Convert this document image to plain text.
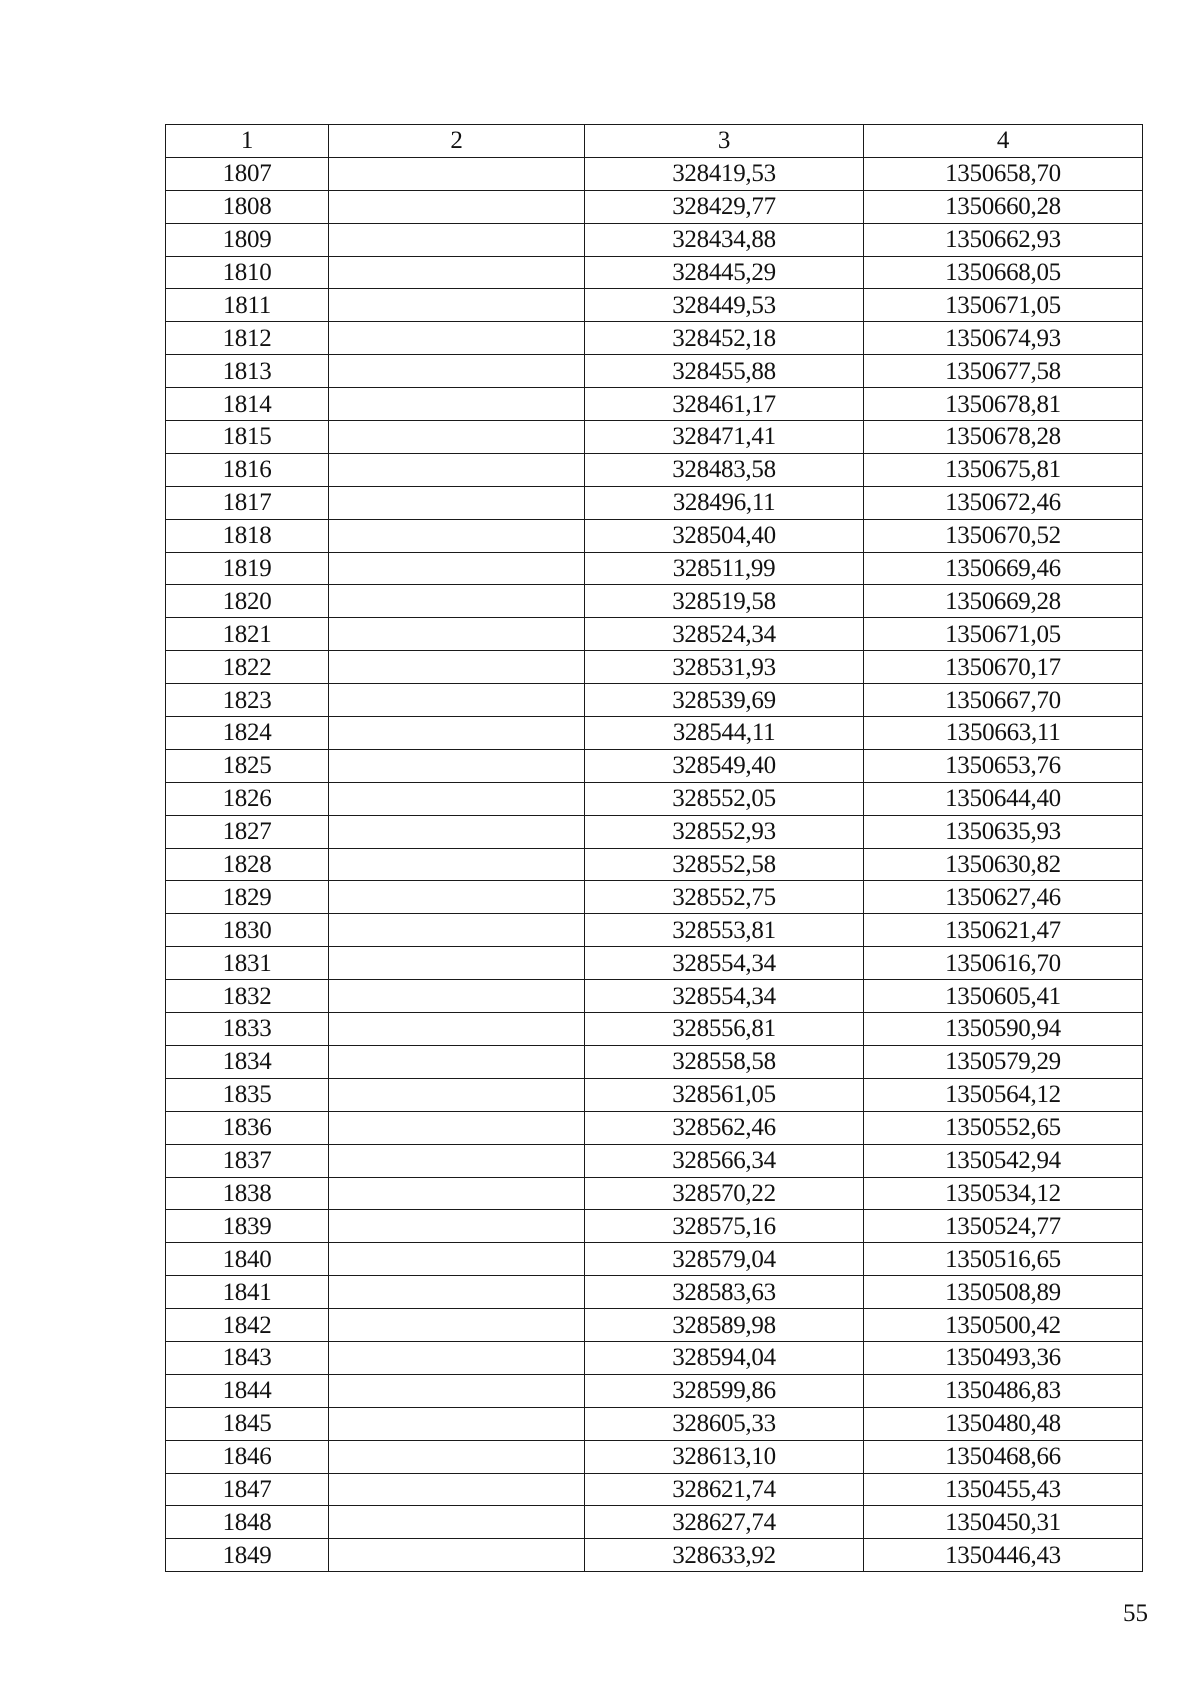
1	2	3	4
1807		328419,53	1350658,70
1808		328429,77	1350660,28
1809		328434,88	1350662,93
1810		328445,29	1350668,05
1811		328449,53	1350671,05
1812		328452,18	1350674,93
1813		328455,88	1350677,58
1814		328461,17	1350678,81
1815		328471,41	1350678,28
1816		328483,58	1350675,81
1817		328496,11	1350672,46
1818		328504,40	1350670,52
1819		328511,99	1350669,46
1820		328519,58	1350669,28
1821		328524,34	1350671,05
1822		328531,93	1350670,17
1823		328539,69	1350667,70
1824		328544,11	1350663,11
1825		328549,40	1350653,76
1826		328552,05	1350644,40
1827		328552,93	1350635,93
1828		328552,58	1350630,82
1829		328552,75	1350627,46
1830		328553,81	1350621,47
1831		328554,34	1350616,70
1832		328554,34	1350605,41
1833		328556,81	1350590,94
1834		328558,58	1350579,29
1835		328561,05	1350564,12
1836		328562,46	1350552,65
1837		328566,34	1350542,94
1838		328570,22	1350534,12
1839		328575,16	1350524,77
1840		328579,04	1350516,65
1841		328583,63	1350508,89
1842		328589,98	1350500,42
1843		328594,04	1350493,36
1844		328599,86	1350486,83
1845		328605,33	1350480,48
1846		328613,10	1350468,66
1847		328621,74	1350455,43
1848		328627,74	1350450,31
1849		328633,92	1350446,43
55
